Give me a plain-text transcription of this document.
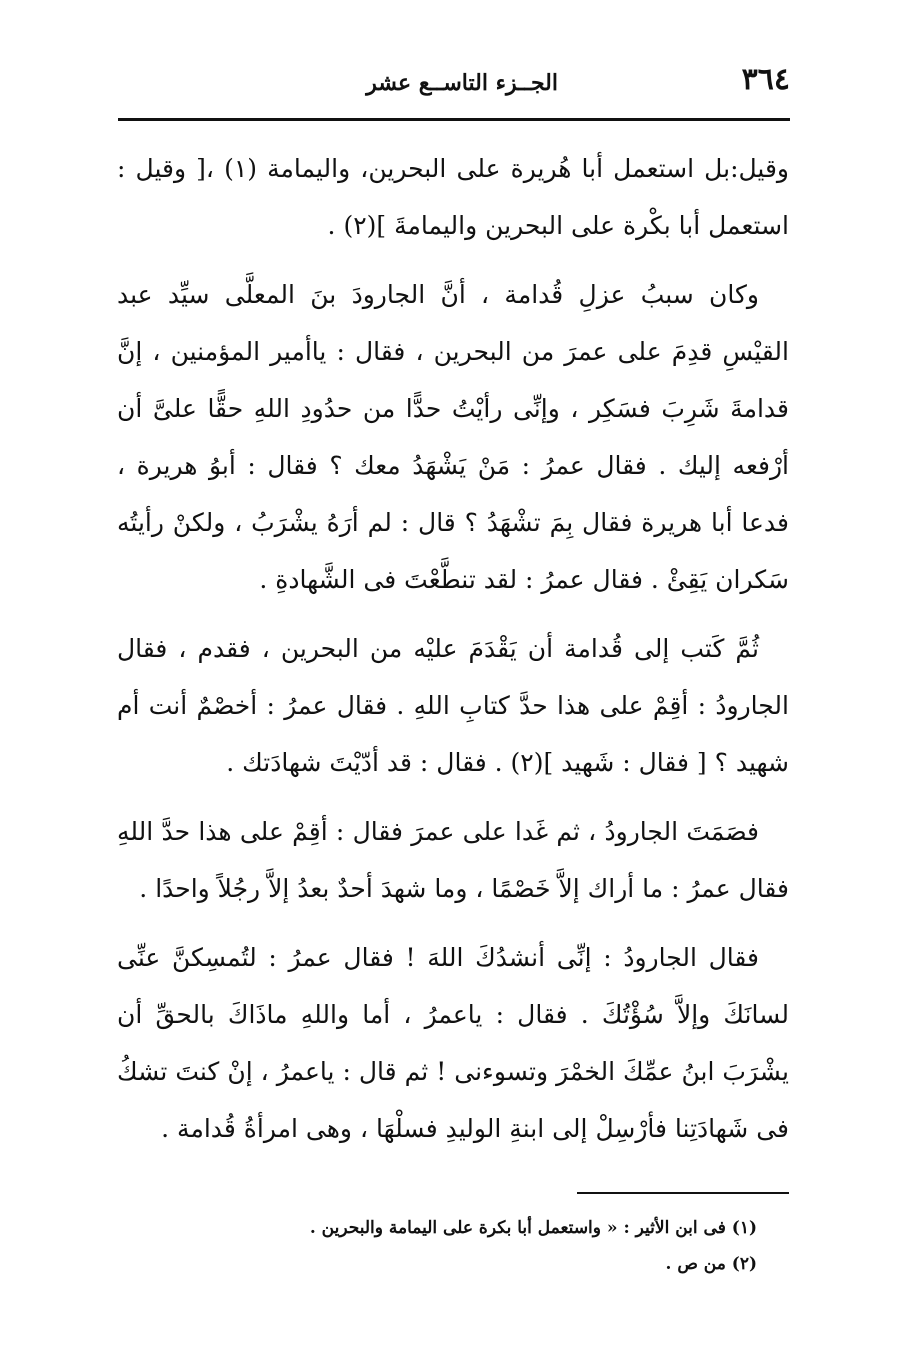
٣٦٤
الجــزء التاســع عشر

وقيل:بل استعمل أبا هُريرة على البحرين، واليمامة (١) ،[ وقيل : استعمل أبا بكْرة على البحرين واليمامةَ ](٢) .

وكان سببُ عزلِ قُدامة ، أنَّ الجارودَ بنَ المعلَّى سيِّد عبد القيْسِ قدِمَ على عمرَ من البحرين ، فقال : ياأمير المؤمنين ، إنَّ قدامةَ شَرِبَ فسَكِر ، وإنِّى رأيْتُ حدًّا من حدُودِ اللهِ حقًّا علىَّ أن أرْفعه إليك . فقال عمرُ : مَنْ يَشْهَدُ معك ؟ فقال : أبوُ هريرة ، فدعا أبا هريرة فقال بِمَ تشْهَدُ ؟ قال : لم أرَهُ يشْرَبُ ، ولكنْ رأيتُه سَكران يَقِئْ . فقال عمرُ : لقد تنطَّعْتَ فى الشَّهادةِ .

ثُمَّ كَتب إلى قُدامة أن يَقْدَمَ عليْه من البحرين ، فقدم ، فقال الجارودُ : أقِمْ على هذا حدَّ كتابِ اللهِ . فقال عمرُ : أخصْمٌ أنت أم شهيد ؟ [ فقال : شَهيد ](٢) . فقال : قد أدّيْتَ شهادَتك .

فصَمَتَ الجارودُ ، ثم غَدا على عمرَ فقال : أقِمْ على هذا حدَّ اللهِ فقال عمرُ : ما أراك إلاَّ خَصْمًا ، وما شهدَ أحدٌ بعدُ إلاَّ رجُلاً واحدًا .

فقال الجارودُ : إنِّى أنشدُكَ اللهَ ! فقال عمرُ : لتُمسِكنَّ عنِّى لسانَكَ وإلاَّ سُؤْتُكَ . فقال : ياعمرُ ، أما واللهِ ماذَاكَ بالحقِّ أن يشْرَبَ ابنُ عمِّكَ الخمْرَ وتسوءنى ! ثم قال : ياعمرُ ، إنْ كنتَ تشكُ فى شَهادَتِنا فأرْسِلْ إلى ابنةِ الوليدِ فسلْهَا ، وهى امرأةُ قُدامة .

(١) فى ابن الأثير : « واستعمل أبا بكرة على اليمامة والبحرين .

(٢) من ص .
